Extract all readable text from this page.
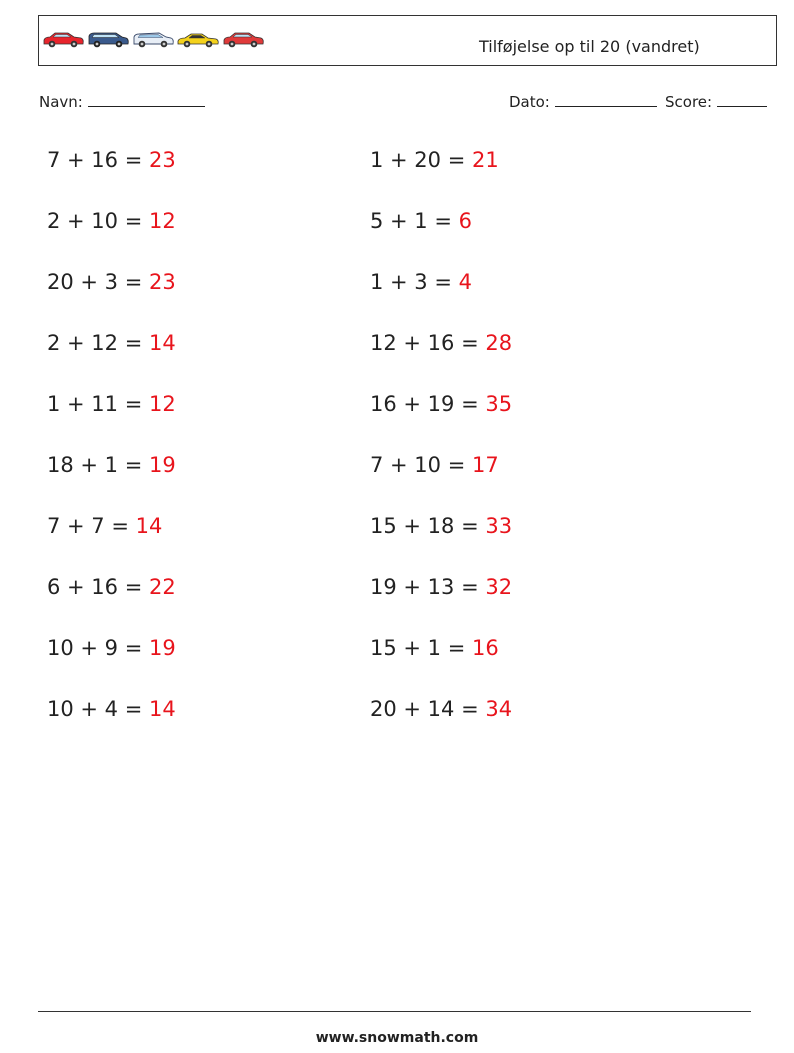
Tilføjelse op til 20 (vandret)
Navn:	Dato:	Score:
7 + 16 = 23
2 + 10 = 12
20 + 3 = 23
2 + 12 = 14
1 + 11 = 12
18 + 1 = 19
7 + 7 = 14
6 + 16 = 22
10 + 9 = 19
10 + 4 = 14
1 + 20 = 21
5 + 1 = 6
1 + 3 = 4
12 + 16 = 28
16 + 19 = 35
7 + 10 = 17
15 + 18 = 33
19 + 13 = 32
15 + 1 = 16
20 + 14 = 34
www.snowmath.com
